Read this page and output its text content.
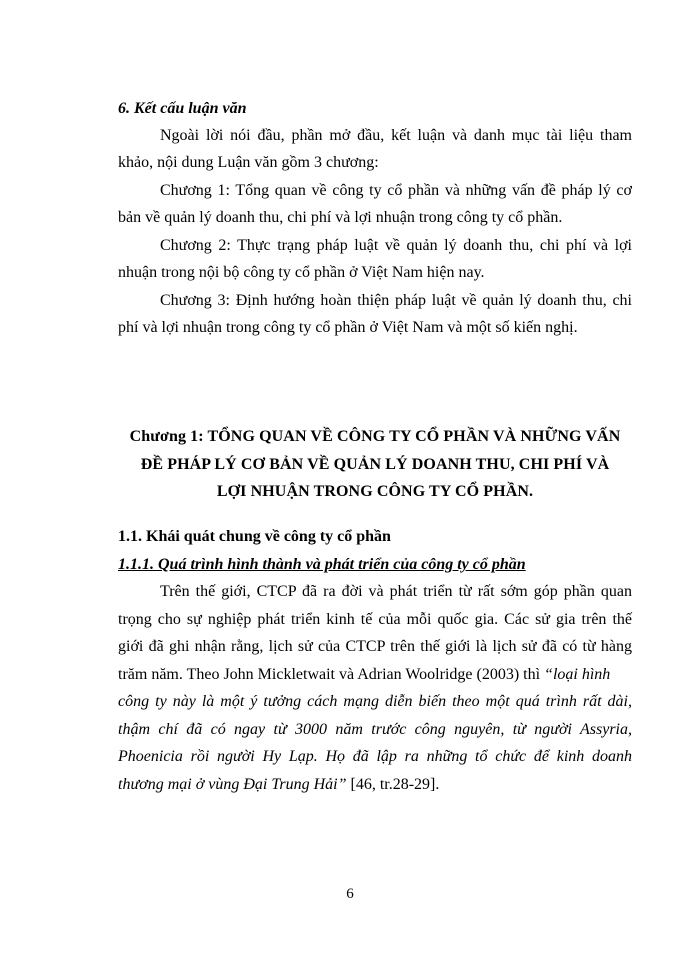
6. Kết cấu luận văn
Ngoài lời nói đầu, phần mở đầu, kết luận và danh mục tài liệu tham
khảo, nội dung Luận văn gồm 3 chương:
Chương 1: Tổng quan về công ty cổ phần và những vấn đề pháp lý cơ
bản về quản lý doanh thu, chi phí và lợi nhuận trong công ty cổ phần.
Chương 2: Thực trạng pháp luật về quản lý doanh thu, chi phí và lợi
nhuận trong nội bộ công ty cổ phần ở Việt Nam hiện nay.
Chương 3: Định hướng hoàn thiện pháp luật về quản lý doanh thu, chi
phí và lợi nhuận trong công ty cổ phần ở Việt Nam và một số kiến nghị.
Chương 1: TỔNG QUAN VỀ CÔNG TY CỔ PHẦN VÀ NHỮNG VẤN
ĐỀ PHÁP LÝ CƠ BẢN VỀ QUẢN LÝ DOANH THU, CHI PHÍ VÀ
LỢI NHUẬN TRONG CÔNG TY CỔ PHẦN.
1.1. Khái quát chung về công ty cổ phần
1.1.1. Quá trình hình thành và phát triển của công ty cổ phần
Trên thế giới, CTCP đã ra đời và phát triển từ rất sớm góp phần quan
trọng cho sự nghiệp phát triển kinh tế của mỗi quốc gia. Các sử gia trên thế
giới đã ghi nhận rằng, lịch sử của CTCP trên thế giới là lịch sử đã có từ hàng
trăm năm. Theo John Mickletwait và Adrian Woolridge (2003) thì “loại hình
công ty này là một ý tưởng cách mạng diễn biến theo một quá trình rất dài,
thậm chí đã có ngay từ 3000 năm trước công nguyên, từ người Assyria,
Phoenicia rồi người Hy Lạp. Họ đã lập ra những tổ chức để kinh doanh
thương mại ở vùng Đại Trung Hải” [46, tr.28-29].
6
